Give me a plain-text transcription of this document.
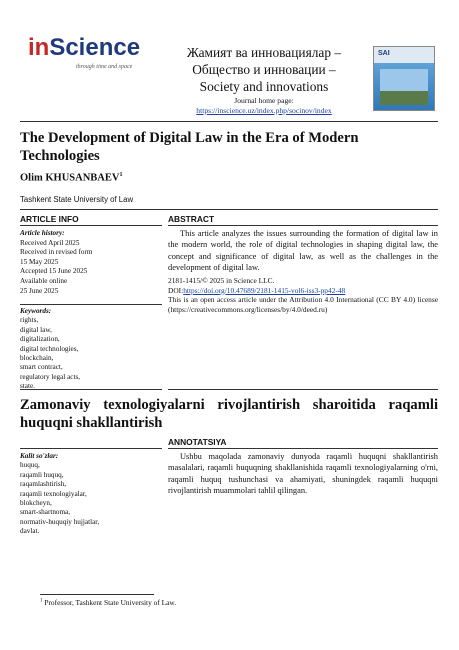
inScience
through time and space
Жамият ва инновациялар –
Общество и инновации –
Society and innovations
Journal home page:
https://inscience.uz/index.php/socinov/index
SAI
The Development of Digital Law in the Era of Modern Technologies
Olim KHUSANBAEV$^1$
Tashkent State University of Law
ARTICLE INFO
Article history:
Received April 2025
Received in revised form
15 May 2025
Accepted 15 June 2025
Available online
25 June 2025
Keywords:
rights,
digital law,
digitalization,
digital technologies,
blockchain,
smart contract,
regulatory legal acts,
state.
ABSTRACT
This article analyzes the issues surrounding the formation of digital law in the modern world, the role of digital technologies in shaping digital law, the concept and significance of digital law, as well as the challenges in the development of digital law.
2181-1415/© 2025 in Science LLC.
DOI:https://doi.org/10.47689/2181-1415-vol6-iss3-pp42-48
This is an open access article under the Attribution 4.0 International (CC BY 4.0) license (https://creativecommons.org/licenses/by/4.0/deed.ru)
Zamonaviy texnologiyalarni rivojlantirish sharoitida raqamli huquqni shakllantirish
ANNOTATSIYA
Kalit so'zlar:
huquq,
raqamli huquq,
raqamlashtirish,
raqamli texnologiyalar,
blokcheyn,
smart-shartnoma,
normativ-huquqiy hujjatlar,
davlat.
Ushbu maqolada zamonaviy dunyoda raqamli huquqni shakllantirish masalalari, raqamli huquqning shakllanishida raqamli texnologiyalarning o'rni, raqamli huquq tushunchasi va ahamiyati, shuningdek raqamli huquqni rivojlantirish muammolari tahlil qilingan.
$^1$ Professor, Tashkent State University of Law.
